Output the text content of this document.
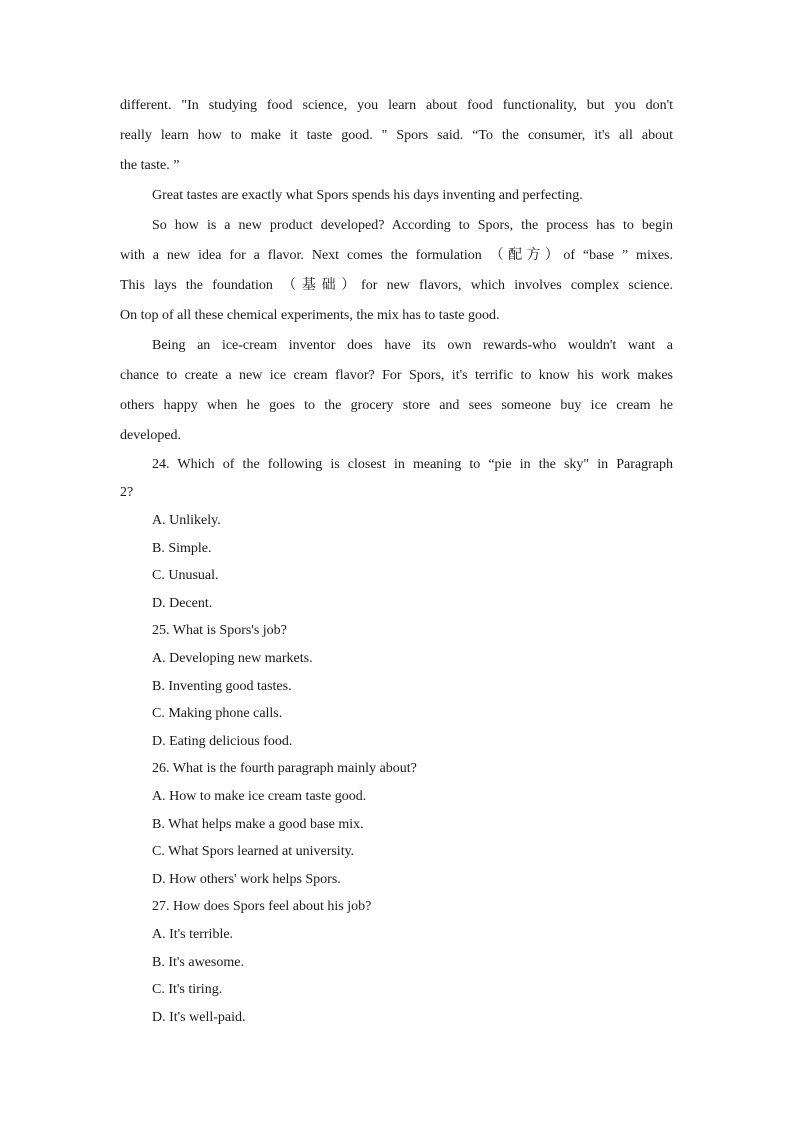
different. "In studying food science, you learn about food functionality, but you don't
really learn how to make it taste good. " Spors said. “To the consumer, it's all about
the taste. ”
Great tastes are exactly what Spors spends his days inventing and perfecting.
So how is a new product developed? According to Spors, the process has to begin
with a new idea for a flavor. Next comes the formulation （配方）of “base ” mixes.
This lays the foundation （基础）for new flavors, which involves complex science.
On top of all these chemical experiments, the mix has to taste good.
Being an ice-cream inventor does have its own rewards-who wouldn't want a
chance to create a new ice cream flavor? For Spors, it's terrific to know his work makes
others happy when he goes to the grocery store and sees someone buy ice cream he
developed.
24. Which of the following is closest in meaning to “pie in the sky" in Paragraph
2?
A. Unlikely.
B. Simple.
C. Unusual.
D. Decent.
25. What is Spors's job?
A. Developing new markets.
B. Inventing good tastes.
C. Making phone calls.
D. Eating delicious food.
26. What is the fourth paragraph mainly about?
A. How to make ice cream taste good.
B. What helps make a good base mix.
C. What Spors learned at university.
D. How others' work helps Spors.
27. How does Spors feel about his job?
A. It's terrible.
B. It's awesome.
C. It's tiring.
D. It's well-paid.
